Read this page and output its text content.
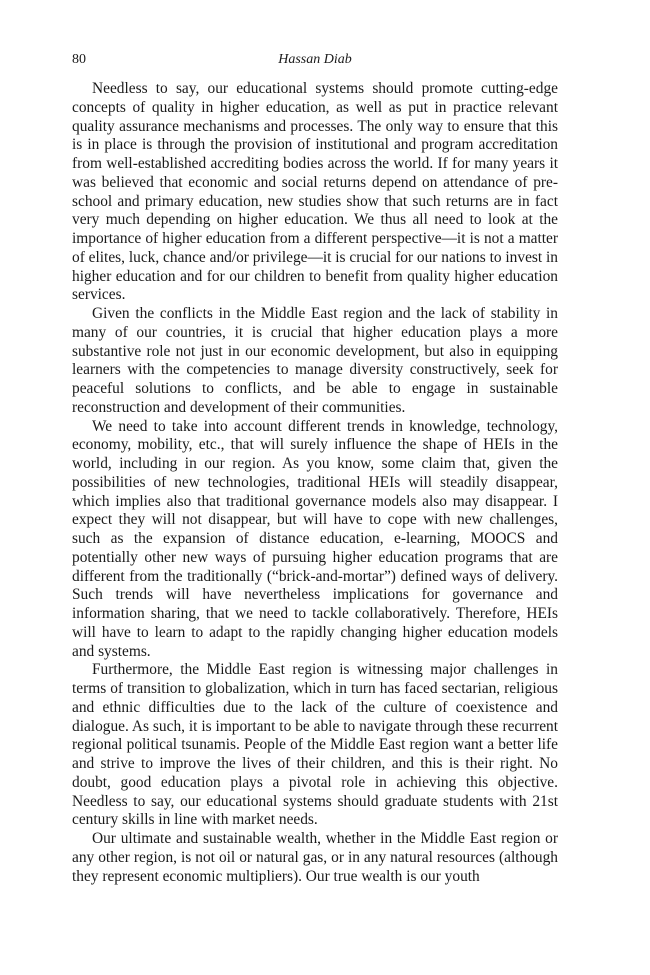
80	Hassan Diab

Needless to say, our educational systems should promote cutting-edge concepts of quality in higher education, as well as put in practice relevant quality assurance mechanisms and processes. The only way to ensure that this is in place is through the provision of institutional and program accreditation from well-established accrediting bodies across the world. If for many years it was believed that economic and social returns depend on attendance of pre-school and primary education, new studies show that such returns are in fact very much depending on higher education. We thus all need to look at the importance of higher education from a different perspective—it is not a matter of elites, luck, chance and/or privilege—it is crucial for our nations to invest in higher education and for our children to benefit from quality higher education services.

Given the conflicts in the Middle East region and the lack of stability in many of our countries, it is crucial that higher education plays a more substantive role not just in our economic development, but also in equipping learners with the competencies to manage diversity constructively, seek for peaceful solutions to conflicts, and be able to engage in sustainable reconstruction and development of their communities.

We need to take into account different trends in knowledge, technology, economy, mobility, etc., that will surely influence the shape of HEIs in the world, including in our region. As you know, some claim that, given the possibilities of new technologies, traditional HEIs will steadily disappear, which implies also that traditional governance models also may disappear. I expect they will not disappear, but will have to cope with new challenges, such as the expansion of distance education, e-learning, MOOCS and potentially other new ways of pursuing higher education programs that are different from the traditionally (“brick-and-mortar”) defined ways of delivery. Such trends will have nevertheless implications for governance and information sharing, that we need to tackle collaboratively. Therefore, HEIs will have to learn to adapt to the rapidly changing higher education models and systems.

Furthermore, the Middle East region is witnessing major challenges in terms of transition to globalization, which in turn has faced sectarian, religious and ethnic difficulties due to the lack of the culture of coexistence and dialogue. As such, it is important to be able to navigate through these recurrent regional political tsunamis. People of the Middle East region want a better life and strive to improve the lives of their children, and this is their right. No doubt, good education plays a pivotal role in achieving this objective. Needless to say, our educational systems should graduate students with 21st century skills in line with market needs.

Our ultimate and sustainable wealth, whether in the Middle East region or any other region, is not oil or natural gas, or in any natural resources (although they represent economic multipliers). Our true wealth is our youth
